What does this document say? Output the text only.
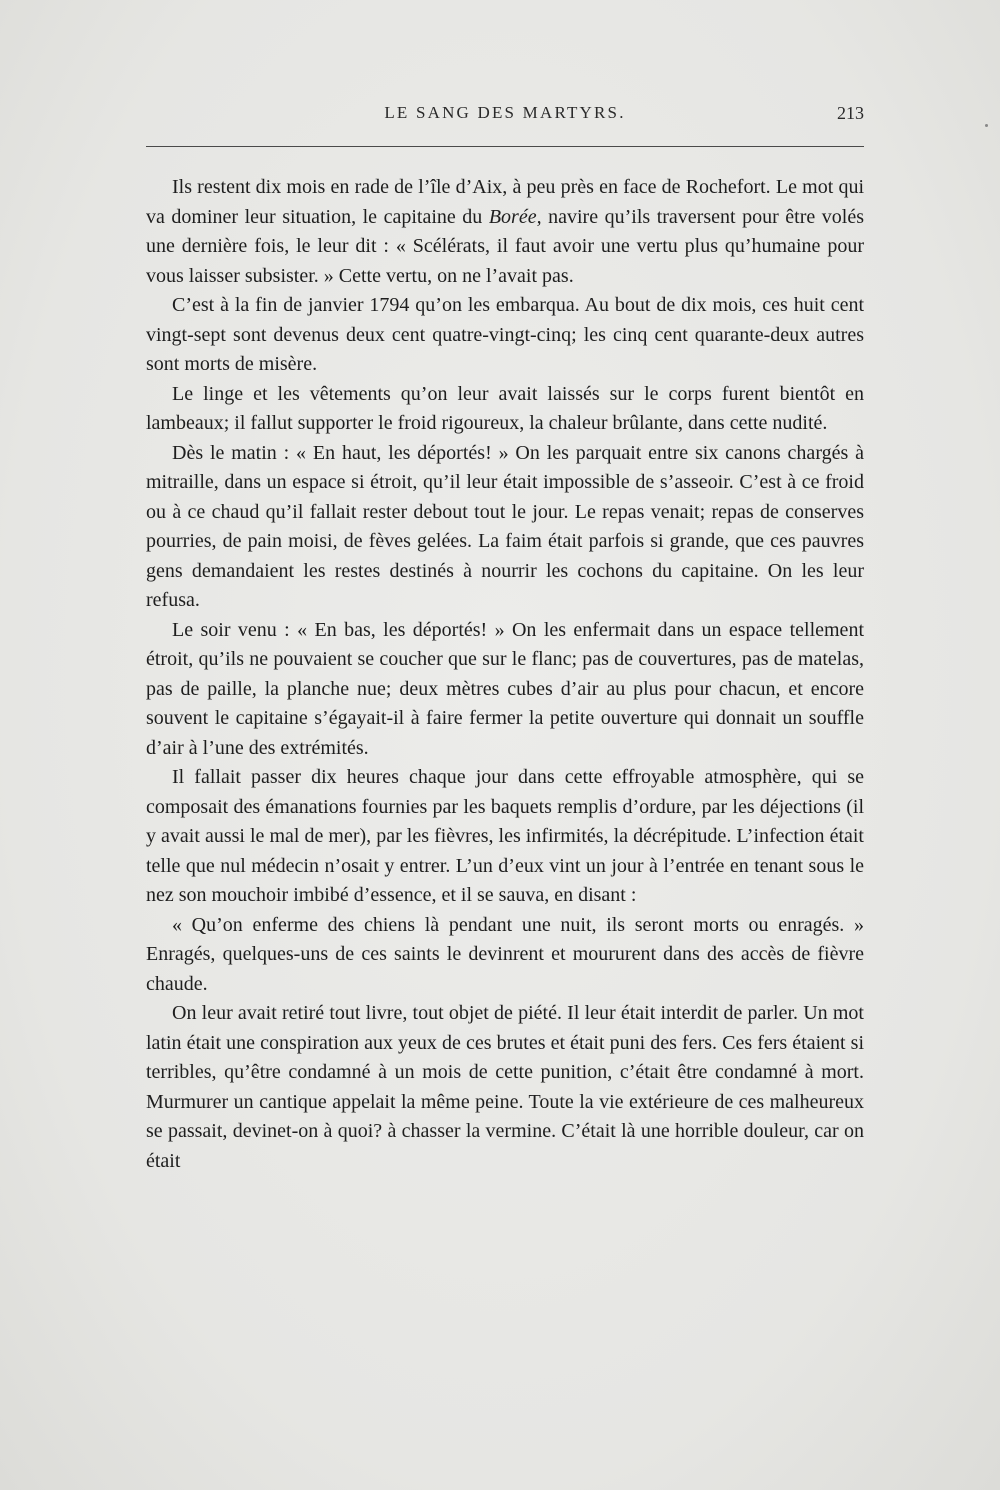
LE SANG DES MARTYRS.	213

Ils restent dix mois en rade de l’île d’Aix, à peu près en face de Rochefort. Le mot qui va dominer leur situation, le capitaine du Borée, navire qu’ils traversent pour être volés une dernière fois, le leur dit : « Scélérats, il faut avoir une vertu plus qu’humaine pour vous laisser subsister. » Cette vertu, on ne l’avait pas.

C’est à la fin de janvier 1794 qu’on les embarqua. Au bout de dix mois, ces huit cent vingt-sept sont devenus deux cent quatre-vingt-cinq; les cinq cent quarante-deux autres sont morts de misère.

Le linge et les vêtements qu’on leur avait laissés sur le corps furent bientôt en lambeaux; il fallut supporter le froid rigoureux, la chaleur brûlante, dans cette nudité.

Dès le matin : « En haut, les déportés! » On les parquait entre six canons chargés à mitraille, dans un espace si étroit, qu’il leur était impossible de s’asseoir. C’est à ce froid ou à ce chaud qu’il fallait rester debout tout le jour. Le repas venait; repas de conserves pourries, de pain moisi, de fèves gelées. La faim était parfois si grande, que ces pauvres gens demandaient les restes destinés à nourrir les cochons du capitaine. On les leur refusa.

Le soir venu : « En bas, les déportés! » On les enfermait dans un espace tellement étroit, qu’ils ne pouvaient se coucher que sur le flanc; pas de couvertures, pas de matelas, pas de paille, la planche nue; deux mètres cubes d’air au plus pour chacun, et encore souvent le capitaine s’égayait-il à faire fermer la petite ouverture qui donnait un souffle d’air à l’une des extrémités.

Il fallait passer dix heures chaque jour dans cette effroyable atmosphère, qui se composait des émanations fournies par les baquets remplis d’ordure, par les déjections (il y avait aussi le mal de mer), par les fièvres, les infirmités, la décrépitude. L’infection était telle que nul médecin n’osait y entrer. L’un d’eux vint un jour à l’entrée en tenant sous le nez son mouchoir imbibé d’essence, et il se sauva, en disant :

« Qu’on enferme des chiens là pendant une nuit, ils seront morts ou enragés. » Enragés, quelques-uns de ces saints le devinrent et moururent dans des accès de fièvre chaude.

On leur avait retiré tout livre, tout objet de piété. Il leur était interdit de parler. Un mot latin était une conspiration aux yeux de ces brutes et était puni des fers. Ces fers étaient si terribles, qu’être condamné à un mois de cette punition, c’était être condamné à mort. Murmurer un cantique appelait la même peine. Toute la vie extérieure de ces malheureux se passait, devinet-on à quoi? à chasser la vermine. C’était là une horrible douleur, car on était
